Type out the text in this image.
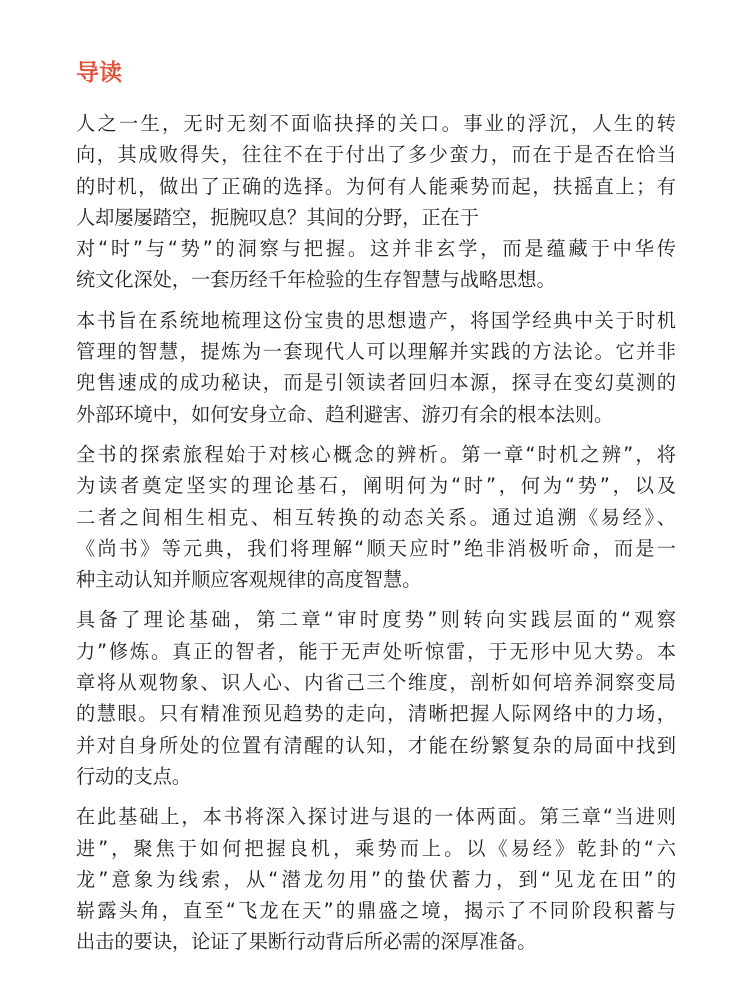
导读

人之一生，无时无刻不面临抉择的关口。事业的浮沉，人生的转
向，其成败得失，往往不在于付出了多少蛮力，而在于是否在恰当
的时机，做出了正确的选择。为何有人能乘势而起，扶摇直上；有
人却屡屡踏空，扼腕叹息？其间的分野，正在于
对“时”与“势”的洞察与把握。这并非玄学，而是蕴藏于中华传
统文化深处，一套历经千年检验的生存智慧与战略思想。

本书旨在系统地梳理这份宝贵的思想遗产，将国学经典中关于时机
管理的智慧，提炼为一套现代人可以理解并实践的方法论。它并非
兜售速成的成功秘诀，而是引领读者回归本源，探寻在变幻莫测的
外部环境中，如何安身立命、趋利避害、游刃有余的根本法则。

全书的探索旅程始于对核心概念的辨析。第一章“时机之辨”，将
为读者奠定坚实的理论基石，阐明何为“时”，何为“势”，以及
二者之间相生相克、相互转换的动态关系。通过追溯《易经》、
《尚书》等元典，我们将理解“顺天应时”绝非消极听命，而是一
种主动认知并顺应客观规律的高度智慧。

具备了理论基础，第二章“审时度势”则转向实践层面的“观察
力”修炼。真正的智者，能于无声处听惊雷，于无形中见大势。本
章将从观物象、识人心、内省己三个维度，剖析如何培养洞察变局
的慧眼。只有精准预见趋势的走向，清晰把握人际网络中的力场，
并对自身所处的位置有清醒的认知，才能在纷繁复杂的局面中找到
行动的支点。

在此基础上，本书将深入探讨进与退的一体两面。第三章“当进则
进”，聚焦于如何把握良机，乘势而上。以《易经》乾卦的“六
龙”意象为线索，从“潜龙勿用”的蛰伏蓄力，到“见龙在田”的
崭露头角，直至“飞龙在天”的鼎盛之境，揭示了不同阶段积蓄与
出击的要诀，论证了果断行动背后所必需的深厚准备。
